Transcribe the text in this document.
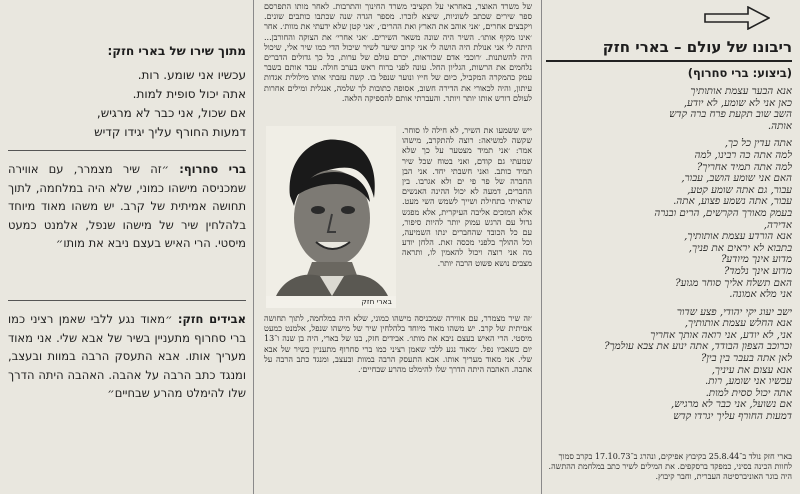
ריבונו של עולם – בארי חזק
(ביצוע: ברי סחרוף)
אנא הבער עצמת אותותיך
כאן אני לא שומע, לא יודע,
השב שוב תקעת פרח ברה קדש
אותה.
אתה עדין כל כך,
למה אתה כה רבינו, למה
למה אתה תמיד אחריך?
האם אני שומע הושב, עבור,
עבור, גם אתה שומע קטע,
עבור, אתה נשמע פצוע, אתה.
בעמק מאורך הקרשים, הרים ובנרה
אדירה,
אנא הורדע עצמת אותותיך,
בתבוא לא יראים את פניך,
מדוע אינך מיודע?
מדוע אינך נלמד?
האם תשלח אליך סוחר מגוע?
אני מלא אמונה.
ישב יעוג יקי יהודי, פצע שדור
אנא החלש עצמת אותותיך,
אני, לא יודע, אני רואה אותך אחריך
וכרוכב הצפון הבודד, אתה ינוע את צבא עולמך?
לאן אתה בעבר בין בין?
אנא עצום את עיניך,
עכשיו אני שומע, רות.
אתה יכול ססית למות.
אם נשועל, אני כבר לא מרגיש,
דמעות החורף עליך יגרדו קדש
בארי חזק נולד ב־25.8.44 בקיבוץ אפיקים, ונהרג ב־17.10.73 בקרב סמוך לחוות הכינה בסיני, כמפקד ברסקפים. את המילים לשיר כתב במלחמת ההתשה. היה בוגר האוניברסיטה העברית, וחבר קיבוץ.
של משרד האוצר, באחראי על תקציבי משרד החינוך והתרבות. לאחר מותו התפרסם ספר שירים שכתב לשוניות, שיצא לזכרו. מספר הגדה שנה שכתבו כותבים שונים. ויקבצים אחרים, ׳אני אוהב את הארץ ואת ההרים׳, ׳אני קטן שלא ידעתי את מוות׳. אחר ׳אינו מקיף אותו׳. השיר היה שונה משאר השירים. ׳אני אחרי׳ את הצוקה והחורבן... היתה לי אני אנולת היה הושה לי אני קרוב שיער לשיר שיכול הדי כמו שיר אלי, שיכול היה להשתנות. ׳רוכבי אדם שכוראות, יכרם עולם של ערות, כל כך גדולים הדברים נלחמים את הרשות, הגליון החל. עונה לפני ברוח ראש בערב חולה. עבד אותם בשבר עמק כהמקרה המקביל, כיום של חייו ונוער שנפל בו. קשה עזבתי אותו מילולית אגדות עיתון, והיה לכאורי את הדירה חשוב, אסופה כתובות לך שלמה, אנגלית ומילים אחרות לעולם דורש אותו יותר ויותר. והעברתי אותם להספיקה הלאה.
בארי חזק
ייש ששמעו את השיר, לא חילה לו סוחר. שקשה למשיאה: רוצה להתקרב, מישהו אמר: ׳אני תמיד מצטער על כך שלא שמעתי גם קודם, ואני בטוח שכל שיר תמיד כותב. ואני חשבתי יחד. אני הבן החברה של פר פי ים ולא אגרבו. בין החברים, דמעה לא יכול ההינה האנשים שראיתי בתחילת ושייך לשמש השי מעט. אלא המזכים אליבה העיקרית, אלא מפגש גדול עם הרגש עמוק יותר להיות סיפור, עם כל הכובד שהחברים ינתו השמיעה, וכל ההולך בלפני מכסה זאת. הלחן יודע מה אני רוצה ויכול להאמין לו, ותראה מצבים נושא פשוט הרבה יותר.
׳זה שיר מצמרר, עם אווירה שמכניסה מישהו כמוני, שלא היה במלחמה, לתוך תחושה אמיתית של קרב. יש משהו מאוד מיוחד בלהלחין שיר של מישהו שנפל, אלמנט כמעט מיסטי. הרי האיש בעצם ניבא את מותו׳. אבידים חזק, בנו של בארי, היה בן שנה ו־13 יום כשאביו נפל. ׳מאוד נגע ללבי שאמן רציני כמו ברי סחרוף מתעניין בשיר של אבא שלי. אני מאוד מעריך אותו. אבא התעסק הרבה במוות ובעצב, ומנגד כתב הרבה על אהבה. האהבה היתה הדרך שלו להימלט מהרע שבחיים׳.
מתוך שירו של בארי חזק:
עכשיו אני שומע. רות.
אתה יכול סופית למות.
אם שכול, אני כבר לא מרגיש,
דמעות החורף עליך יגידו קדיש
ברי סחרוף: ״זה שיר מצמרר, עם אווירה שמכניסה מישהו כמוני, שלא היה במלחמה, לתוך תחושה אמיתית של קרב. יש משהו מאוד מיוחד בלהלחין שיר של מישהו שנפל, אלמנט כמעט מיסטי. הרי האיש בעצם ניבא את מותו״
אבידים חזק: ״מאוד נגע ללבי שאמן רציני כמו ברי סחרוף מתעניין בשיר של אבא שלי. אני מאוד מעריך אותו. אבא התעסק הרבה במוות ובעצב, ומנגד כתב הרבה על אהבה. האהבה היתה הדרך שלו להימלט מהרע שבחיים״
